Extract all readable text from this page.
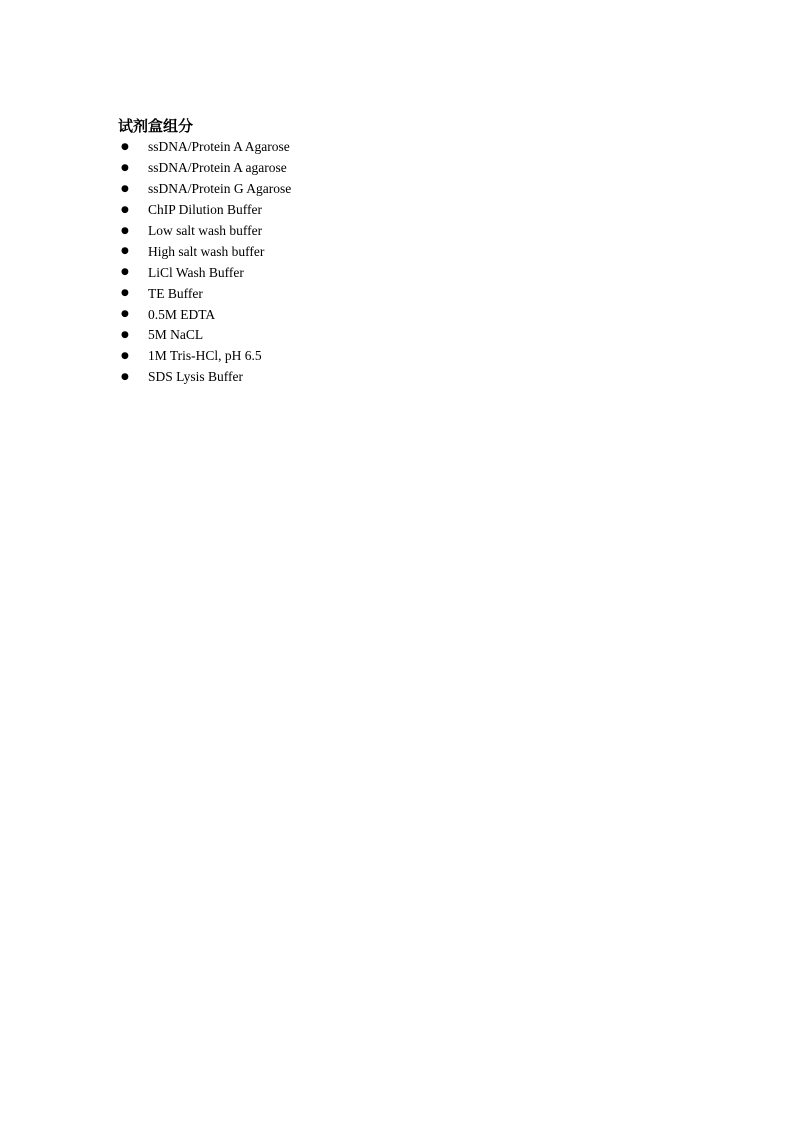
试剂盒组分
●	ssDNA/Protein A Agarose
●	ssDNA/Protein A agarose
●	ssDNA/Protein G Agarose
●	ChIP Dilution Buffer
●	Low salt wash buffer
●	High salt wash buffer
●	LiCl Wash Buffer
●	TE Buffer
●	0.5M EDTA
●	5M NaCL
●	1M Tris-HCl, pH 6.5
●	SDS Lysis Buffer
